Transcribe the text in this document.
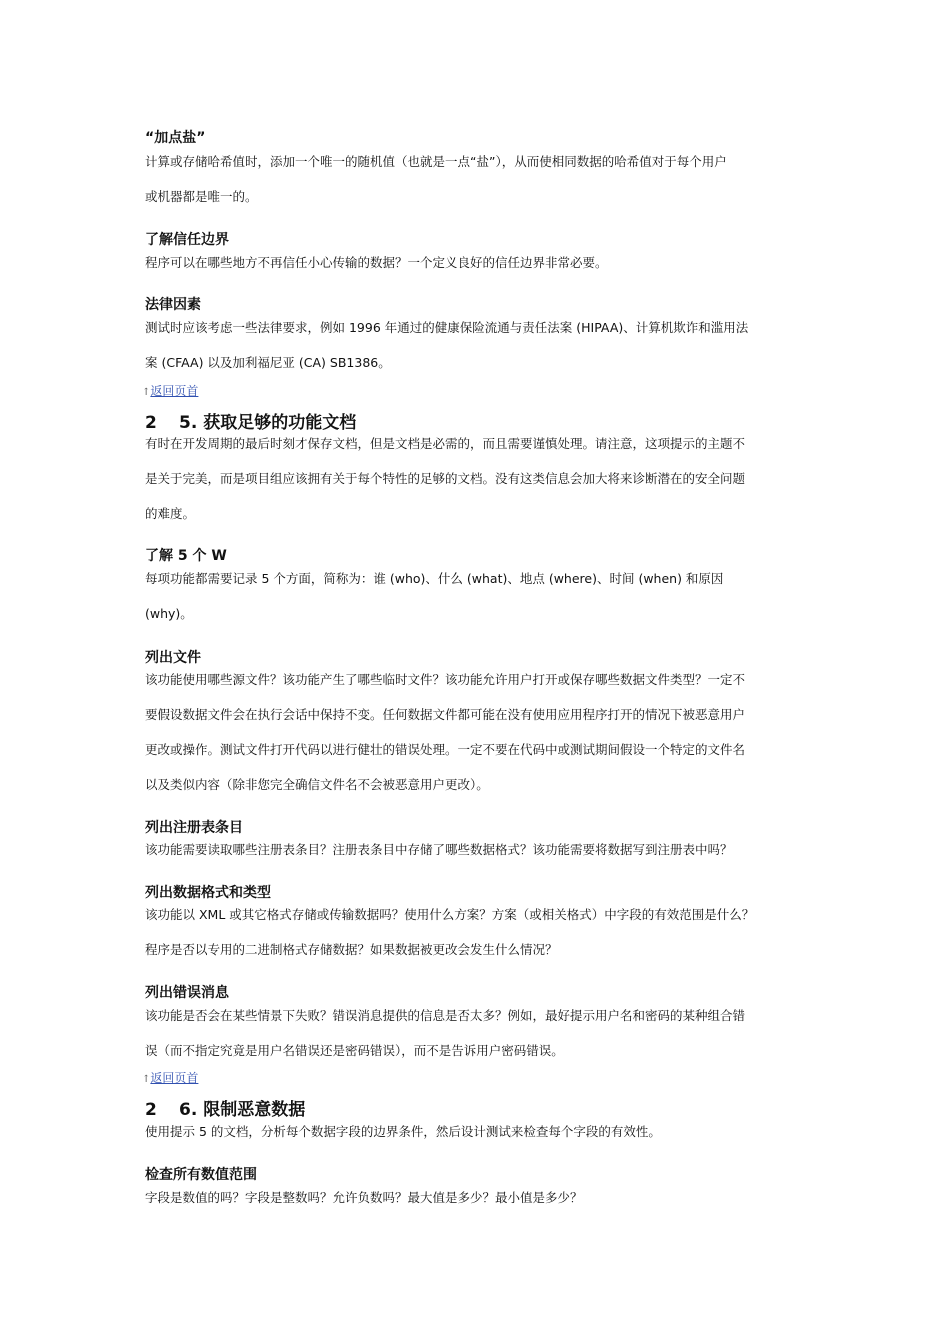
“加点盐”
计算或存储哈希值时，添加一个唯一的随机值（也就是一点“盐”），从而使相同数据的哈希值对于每个用户
或机器都是唯一的。
了解信任边界
程序可以在哪些地方不再信任小心传输的数据？一个定义良好的信任边界非常必要。
法律因素
测试时应该考虑一些法律要求，例如 1996 年通过的健康保险流通与责任法案 (HIPAA)、计算机欺诈和滥用法
案 (CFAA) 以及加利福尼亚 (CA) SB1386。
↑返回页首
2 5. 获取足够的功能文档
有时在开发周期的最后时刻才保存文档，但是文档是必需的，而且需要谨慎处理。请注意，这项提示的主题不
是关于完美，而是项目组应该拥有关于每个特性的足够的文档。没有这类信息会加大将来诊断潜在的安全问题
的难度。
了解 5 个 W
每项功能都需要记录 5 个方面，简称为：谁 (who)、什么 (what)、地点 (where)、时间 (when) 和原因
(why)。
列出文件
该功能使用哪些源文件？该功能产生了哪些临时文件？该功能允许用户打开或保存哪些数据文件类型？一定不
要假设数据文件会在执行会话中保持不变。任何数据文件都可能在没有使用应用程序打开的情况下被恶意用户
更改或操作。测试文件打开代码以进行健壮的错误处理。一定不要在代码中或测试期间假设一个特定的文件名
以及类似内容（除非您完全确信文件名不会被恶意用户更改）。
列出注册表条目
该功能需要读取哪些注册表条目？注册表条目中存储了哪些数据格式？该功能需要将数据写到注册表中吗？
列出数据格式和类型
该功能以 XML 或其它格式存储或传输数据吗？使用什么方案？方案（或相关格式）中字段的有效范围是什么？
程序是否以专用的二进制格式存储数据？如果数据被更改会发生什么情况？
列出错误消息
该功能是否会在某些情景下失败？错误消息提供的信息是否太多？例如，最好提示用户名和密码的某种组合错
误（而不指定究竟是用户名错误还是密码错误），而不是告诉用户密码错误。
↑返回页首
2 6. 限制恶意数据
使用提示 5 的文档，分析每个数据字段的边界条件，然后设计测试来检查每个字段的有效性。
检查所有数值范围
字段是数值的吗？字段是整数吗？允许负数吗？最大值是多少？最小值是多少？
